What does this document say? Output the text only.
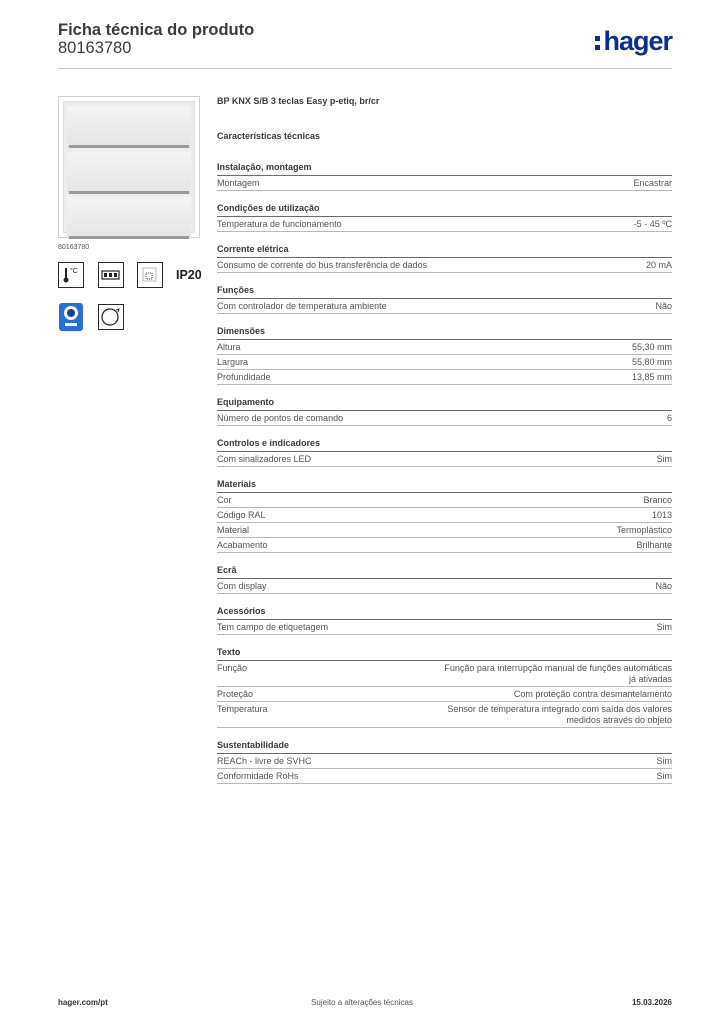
Ficha técnica do produto
80163780	hager
80163780
°C	IP20
BP KNX S/B 3 teclas Easy p-etiq, br/cr
Características técnicas
Instalação, montagem
Montagem	Encastrar
Condições de utilização
Temperatura de funcionamento	-5 - 45 ºC
Corrente elétrica
Consumo de corrente do bus transferência de dados	20 mA
Funções
Com controlador de temperatura ambiente	Não
Dimensões
Altura	55,30 mm
Largura	55,80 mm
Profundidade	13,85 mm
Equipamento
Número de pontos de comando	6
Controlos e indicadores
Com sinalizadores LED	Sim
Materiais
Cor	Branco
Código RAL	1013
Material	Termoplástico
Acabamento	Brilhante
Ecrã
Com display	Não
Acessórios
Tem campo de etiquetagem	Sim
Texto
Função	Função para interrupção manual de funções automáticas já ativadas
Proteção	Com proteção contra desmantelamento
Temperatura	Sensor de temperatura integrado com saída dos valores medidos através do objeto
Sustentabilidade
REACh - livre de SVHC	Sim
Conformidade RoHs	Sim
hager.com/pt	Sujeito a alterações técnicas	15.03.2026
